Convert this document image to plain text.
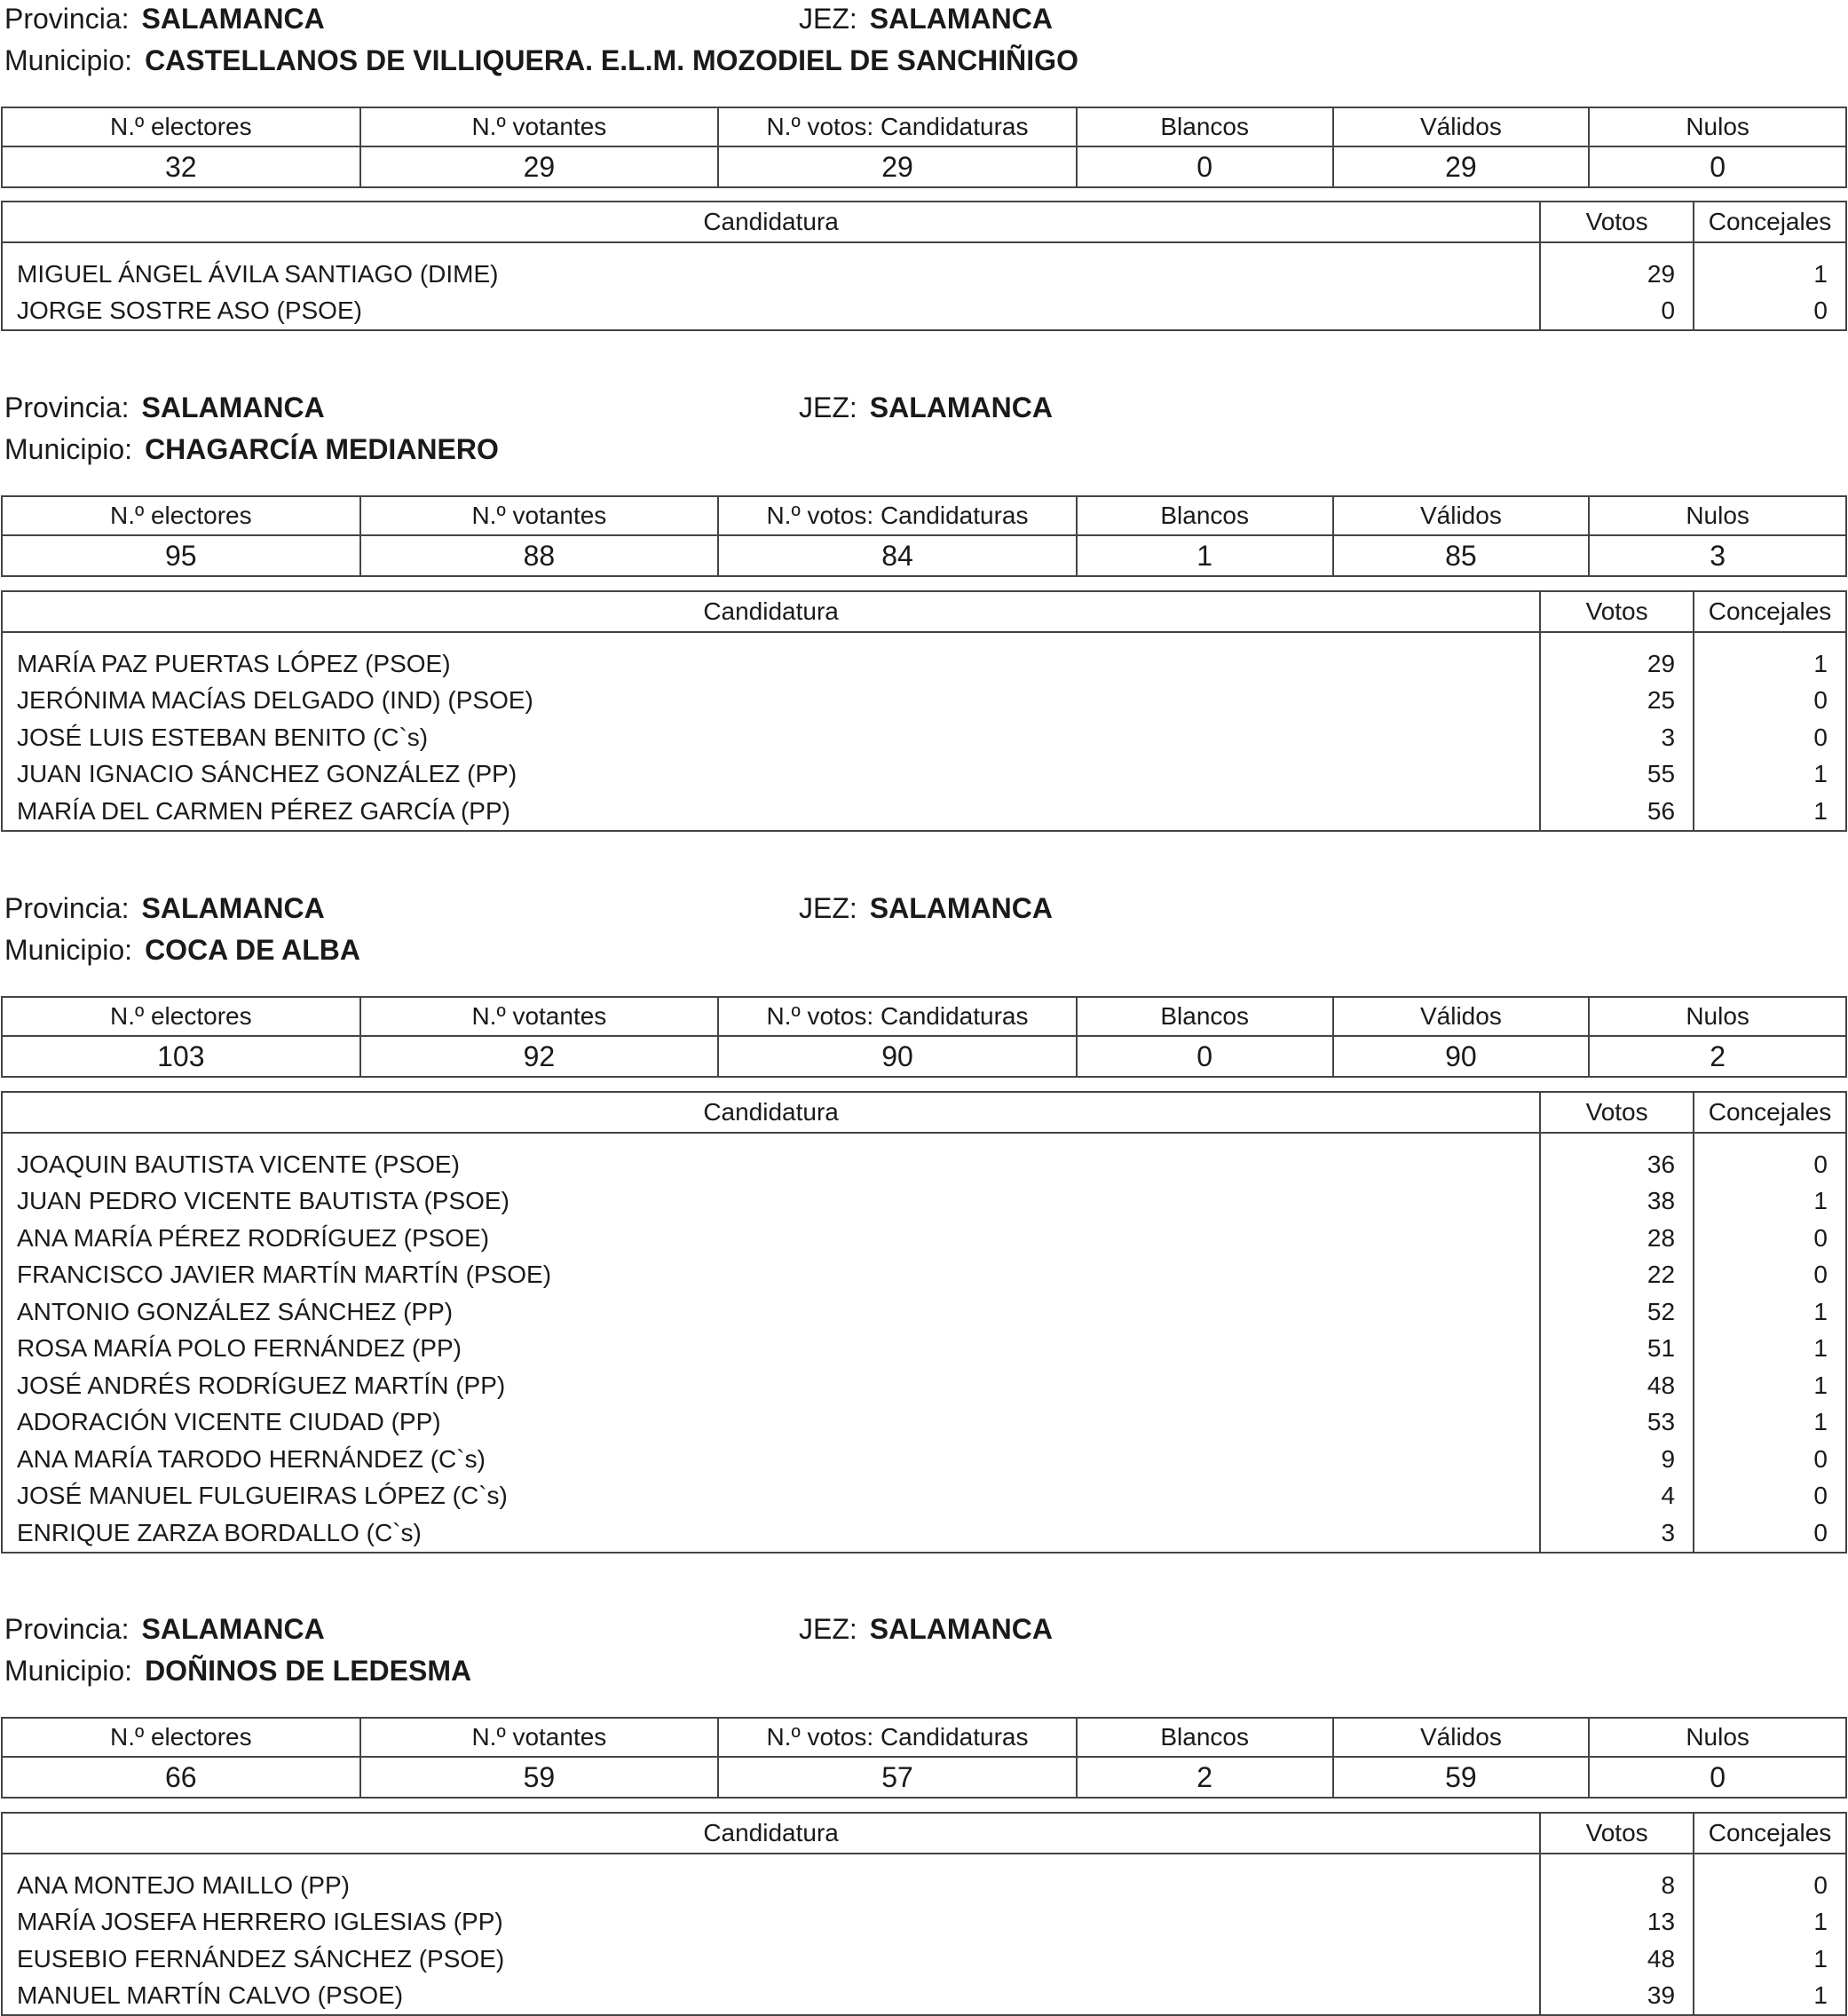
Provincia: SALAMANCA	JEZ: SALAMANCA
Municipio: CASTELLANOS DE VILLIQUERA. E.L.M. MOZODIEL DE SANCHIÑIGO
N.º electores	N.º votantes	N.º votos: Candidaturas	Blancos	Válidos	Nulos
32	29	29	0	29	0
Candidatura	Votos	Concejales
MIGUEL ÁNGEL ÁVILA SANTIAGO (DIME)	29	1
JORGE SOSTRE ASO (PSOE)	0	0
Provincia: SALAMANCA	JEZ: SALAMANCA
Municipio: CHAGARCÍA MEDIANERO
N.º electores	N.º votantes	N.º votos: Candidaturas	Blancos	Válidos	Nulos
95	88	84	1	85	3
Candidatura	Votos	Concejales
MARÍA PAZ PUERTAS LÓPEZ (PSOE)	29	1
JERÓNIMA MACÍAS DELGADO (IND) (PSOE)	25	0
JOSÉ LUIS ESTEBAN BENITO (C`s)	3	0
JUAN IGNACIO SÁNCHEZ GONZÁLEZ (PP)	55	1
MARÍA DEL CARMEN PÉREZ GARCÍA (PP)	56	1
Provincia: SALAMANCA	JEZ: SALAMANCA
Municipio: COCA DE ALBA
N.º electores	N.º votantes	N.º votos: Candidaturas	Blancos	Válidos	Nulos
103	92	90	0	90	2
Candidatura	Votos	Concejales
JOAQUIN BAUTISTA VICENTE (PSOE)	36	0
JUAN PEDRO VICENTE BAUTISTA (PSOE)	38	1
ANA MARÍA PÉREZ RODRÍGUEZ (PSOE)	28	0
FRANCISCO JAVIER MARTÍN MARTÍN (PSOE)	22	0
ANTONIO GONZÁLEZ SÁNCHEZ (PP)	52	1
ROSA MARÍA POLO FERNÁNDEZ (PP)	51	1
JOSÉ ANDRÉS RODRÍGUEZ MARTÍN (PP)	48	1
ADORACIÓN VICENTE CIUDAD (PP)	53	1
ANA MARÍA TARODO HERNÁNDEZ (C`s)	9	0
JOSÉ MANUEL FULGUEIRAS LÓPEZ (C`s)	4	0
ENRIQUE ZARZA BORDALLO (C`s)	3	0
Provincia: SALAMANCA	JEZ: SALAMANCA
Municipio: DOÑINOS DE LEDESMA
N.º electores	N.º votantes	N.º votos: Candidaturas	Blancos	Válidos	Nulos
66	59	57	2	59	0
Candidatura	Votos	Concejales
ANA MONTEJO MAILLO (PP)	8	0
MARÍA JOSEFA HERRERO IGLESIAS (PP)	13	1
EUSEBIO FERNÁNDEZ SÁNCHEZ (PSOE)	48	1
MANUEL MARTÍN CALVO (PSOE)	39	1
